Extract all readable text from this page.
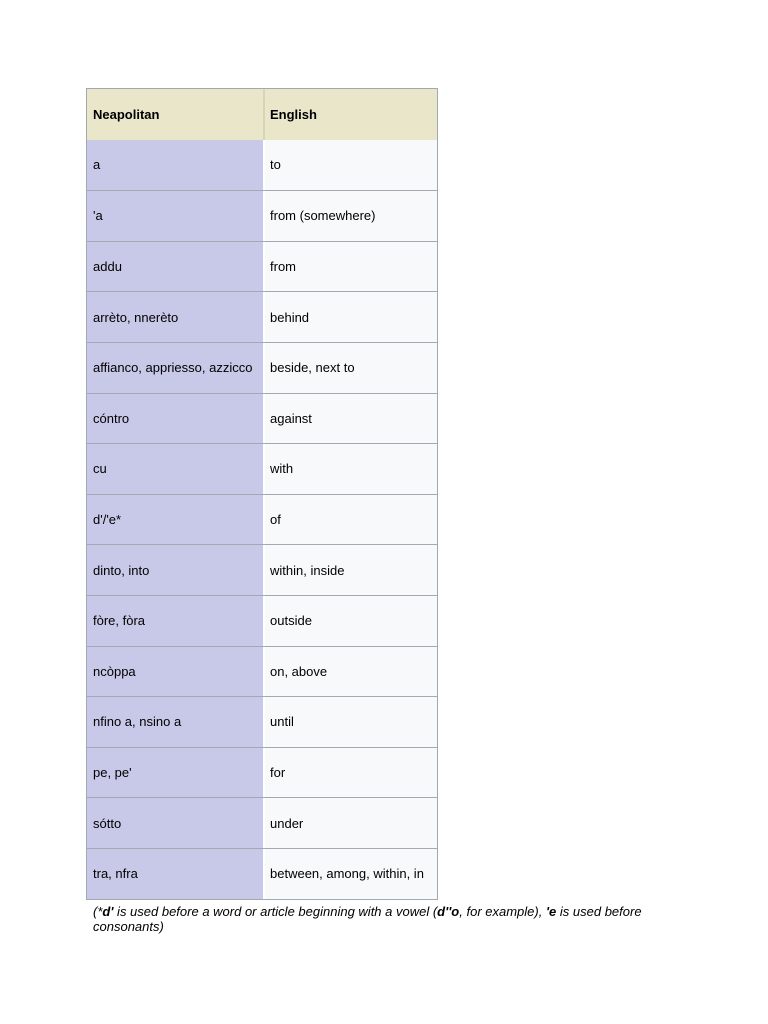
Neapolitan	English
a	to
'a	from (somewhere)
addu	from
arrèto, nnerèto	behind
affianco, appriesso, azzicco	beside, next to
cóntro	against
cu	with
d'/'e*	of
dinto, into	within, inside
fòre, fòra	outside
ncòppa	on, above
nfino a, nsino a	until
pe, pe'	for
sótto	under
tra, nfra	between, among, within, in
(*d' is used before a word or article beginning with a vowel (d''o, for example), 'e is used before consonants)
